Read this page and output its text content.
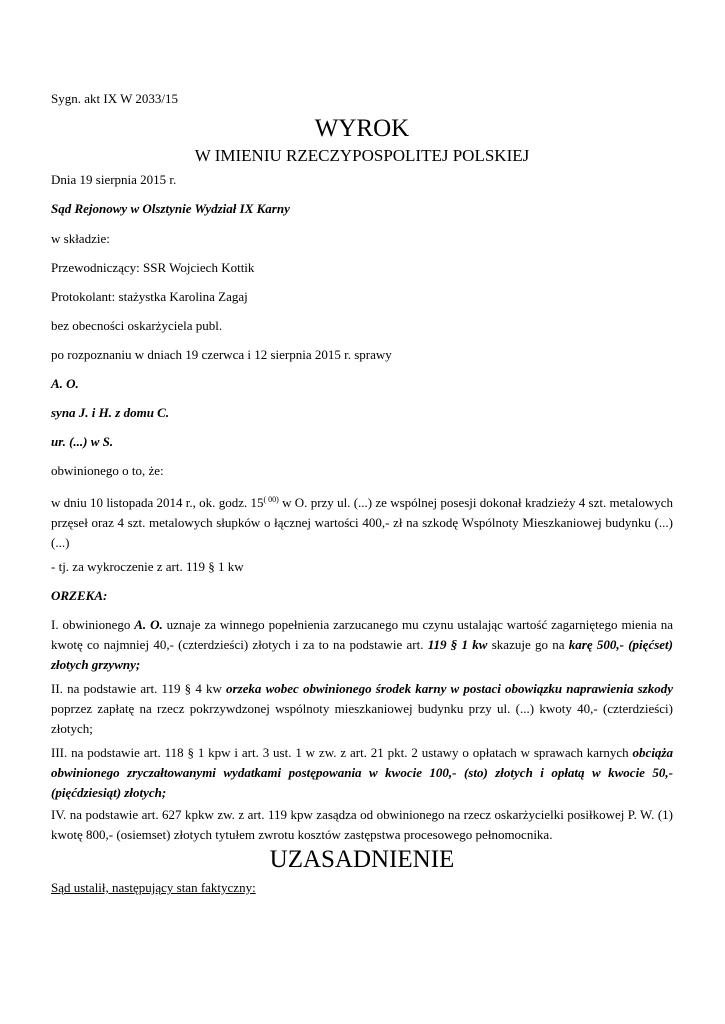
Sygn. akt IX W 2033/15
WYROK
W IMIENIU RZECZYPOSPOLITEJ POLSKIEJ
Dnia 19 sierpnia 2015 r.
Sąd Rejonowy w Olsztynie Wydział IX Karny
w składzie:
Przewodniczący: SSR Wojciech Kottik
Protokolant: stażystka Karolina Zagaj
bez obecności oskarżyciela publ.
po rozpoznaniu w dniach 19 czerwca i 12 sierpnia 2015 r. sprawy
A. O.
syna J. i H. z domu C.
ur. (...) w S.
obwinionego o to, że:
w dniu 10 listopada 2014 r., ok. godz. $15^{( 00)}$ w O. przy ul. (...) ze wspólnej posesji dokonał kradzieży 4 szt. metalowych przęseł oraz 4 szt. metalowych słupków o łącznej wartości 400,- zł na szkodę Wspólnoty Mieszkaniowej budynku (...)(...)
- tj. za wykroczenie z art. 119 § 1 kw
ORZEKA:
I. obwinionego A. O. uznaje za winnego popełnienia zarzucanego mu czynu ustalając wartość zagarniętego mienia na kwotę co najmniej 40,- (czterdzieści) złotych i za to na podstawie art. 119 § 1 kw skazuje go na karę 500,- (pięćset) złotych grzywny;
II. na podstawie art. 119 § 4 kw orzeka wobec obwinionego środek karny w postaci obowiązku naprawienia szkody poprzez zapłatę na rzecz pokrzywdzonej wspólnoty mieszkaniowej budynku przy ul. (...) kwoty 40,- (czterdzieści) złotych;
III. na podstawie art. 118 § 1 kpw i art. 3 ust. 1 w zw. z art. 21 pkt. 2 ustawy o opłatach w sprawach karnych obciąża obwinionego zryczałtowanymi wydatkami postępowania w kwocie 100,- (sto) złotych i opłatą w kwocie 50,- (pięćdziesiąt) złotych;
IV. na podstawie art. 627 kpkw zw. z art. 119 kpw zasądza od obwinionego na rzecz oskarżycielki posiłkowej P. W. (1) kwotę 800,- (osiemset) złotych tytułem zwrotu kosztów zastępstwa procesowego pełnomocnika.
UZASADNIENIE
Sąd ustalił, następujący stan faktyczny:
